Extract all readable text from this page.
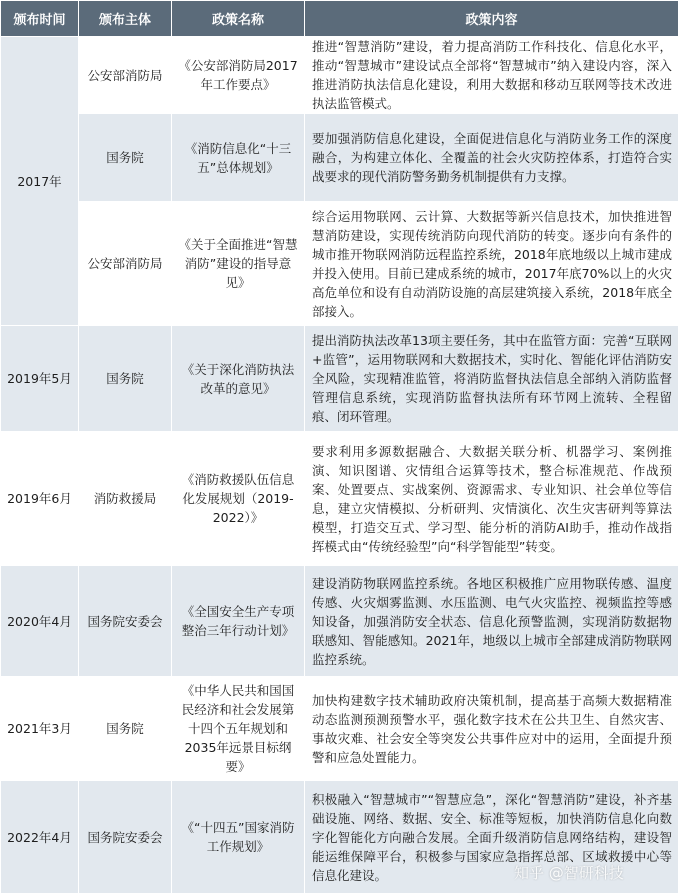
颁布时间	颁布主体	政策名称	政策内容
2017年	公安部消防局	《公安部消防局2017年工作要点》	推进“智慧消防”建设，着力提高消防工作科技化、信息化水平，推动“智慧城市”建设试点全部将“智慧城市”纳入建设内容，深入推进消防执法信息化建设，利用大数据和移动互联网等技术改进执法监管模式。
	国务院	《消防信息化“十三五”总体规划》	要加强消防信息化建设，全面促进信息化与消防业务工作的深度融合，为构建立体化、全覆盖的社会火灾防控体系，打造符合实战要求的现代消防警务勤务机制提供有力支撑。
	公安部消防局	《关于全面推进“智慧消防”建设的指导意见》	综合运用物联网、云计算、大数据等新兴信息技术，加快推进智慧消防建设，实现传统消防向现代消防的转变。逐步向有条件的城市推开物联网消防远程监控系统，2018年底地级以上城市建成并投入使用。目前已建成系统的城市，2017年底70%以上的火灾高危单位和设有自动消防设施的高层建筑接入系统，2018年底全部接入。
2019年5月	国务院	《关于深化消防执法改革的意见》	提出消防执法改革13项主要任务，其中在监管方面：完善“互联网+监管”，运用物联网和大数据技术，实时化、智能化评估消防安全风险，实现精准监管，将消防监督执法信息全部纳入消防监督管理信息系统，实现消防监督执法所有环节网上流转、全程留痕、闭环管理。
2019年6月	消防救援局	《消防救援队伍信息化发展规划（2019-2022）》	要求利用多源数据融合、大数据关联分析、机器学习、案例推演、知识图谱、灾情组合运算等技术，整合标准规范、作战预案、处置要点、实战案例、资源需求、专业知识、社会单位等信息，建立灾情模拟、分析研判、灾情演化、次生灾害研判等算法模型，打造交互式、学习型、能分析的消防AI助手，推动作战指挥模式由“传统经验型”向“科学智能型”转变。
2020年4月	国务院安委会	《全国安全生产专项整治三年行动计划》	建设消防物联网监控系统。各地区积极推广应用物联传感、温度传感、火灾烟雾监测、水压监测、电气火灾监控、视频监控等感知设备，加强消防安全状态、信息化预警监测，实现消防数据物联感知、智能感知。2021年，地级以上城市全部建成消防物联网监控系统。
2021年3月	国务院	《中华人民共和国国民经济和社会发展第十四个五年规划和2035年远景目标纲要》	加快构建数字技术辅助政府决策机制，提高基于高频大数据精准动态监测预测预警水平，强化数字技术在公共卫生、自然灾害、事故灾难、社会安全等突发公共事件应对中的运用，全面提升预警和应急处置能力。
2022年4月	国务院安委会	《“十四五”国家消防工作规划》	积极融入“智慧城市”“智慧应急”，深化“智慧消防”建设，补齐基础设施、网络、数据、安全、标准等短板，加快消防信息化向数字化智能化方向融合发展。全面升级消防信息网络结构，建设智能运维保障平台，积极参与国家应急指挥总部、区域救援中心等信息化建设。	知乎 @智研科技
